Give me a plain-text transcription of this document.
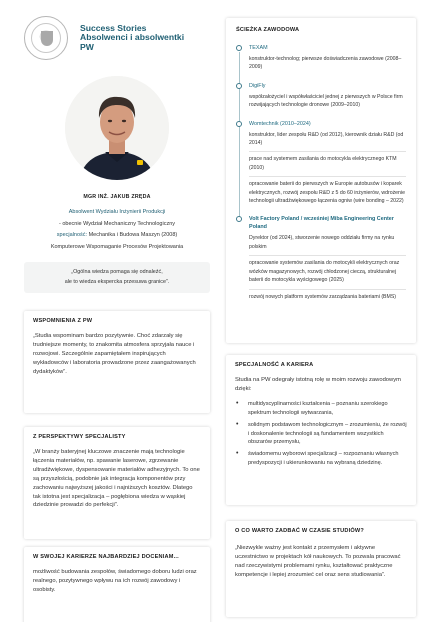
Success Stories
Absolwenci i absolwentki
PW
MGR INŻ. JAKUB ZRĘDA
Absolwent Wydziału Inżynierii Produkcji
- obecnie Wydział Mechaniczny Technologiczny
specjalność: Mechanika i Budowa Maszyn (2008)
Komputerowe Wspomaganie Procesów Projektowania
„Ogólna wiedza pomaga się odnaleźć,
ale to wiedza ekspercka przesuwa granice”.
WSPOMNIENIA Z PW
„Studia wspominam bardzo pozytywnie. Choć zdarzały się trudniejsze momenty, to znakomita atmosfera sprzyjała nauce i rozwojowi. Szczególnie zapamiętałem inspirujących wykładowców i laboratoria prowadzone przez zaangażowanych dydaktyków”.
Z PERSPEKTYWY SPECJALISTY
„W branży bateryjnej kluczowe znaczenie mają technologie łączenia materiałów, np. spawanie laserowe, zgrzewanie ultradźwiękowe, dyspensowanie materiałów adhezyjnych. To one są przyszłością, podobnie jak integracja komponentów przy zachowaniu najwyższej jakości i najniższych kosztów. Dlatego tak istotna jest specjalizacja – pogłębiona wiedza w wąskiej dziedzinie prowadzi do perfekcji”.
W SWOJEJ KARIERZE NAJBARDZIEJ DOCENIAM...
możliwość budowania zespołów, świadomego doboru ludzi oraz realnego, pozytywnego wpływu na ich rozwój zawodowy i osobisty.
ŚCIEŻKA ZAWODOWA
TEXAM
konstruktor-technolog; pierwsze doświadczenia zawodowe (2008–2009)
DigiFly
współzałożyciel i współwłaściciel jednej z pierwszych w Polsce firm rozwijających technologie dronowe (2009–2010)
Womtechnik (2010–2024)
konstruktor, lider zespołu R&D (od 2012), kierownik działu R&D (od 2014)
prace nad systemem zasilania do motocykla elektrycznego KTM (2010)
opracowanie baterii do pierwszych w Europie autobusów i koparek elektrycznych, rozwój zespołu R&D z 5 do 60 inżynierów, wdrożenie technologii ultradźwiękowego łączenia ogniw (wire bonding – 2022)
Volt Factory Poland / wcześniej Miba Engineering Center Poland
Dyrektor (od 2024), stworzenie nowego oddziału firmy na rynku polskim
opracowanie systemów zasilania do motocykli elektrycznych oraz wózków magazynowych, rozwój chłodzonej cieczą, strukturalnej baterii do motocykla wyścigowego (2025)
rozwój nowych platform systemów zarządzania bateriami (BMS)
SPECJALNOŚĆ A KARIERA
Studia na PW odegrały istotną rolę w moim rozwoju zawodowym dzięki:
• multidyscyplinarności kształcenia – poznaniu szerokiego spektrum technologii wytwarzania,
• solidnym podstawom technologicznym – zrozumieniu, że rozwój i doskonalenie technologii są fundamentem wszystkich obszarów przemysłu,
• świadomemu wyborowi specjalizacji – rozpoznaniu własnych predyspozycji i ukierunkowaniu na wybraną dziedzinę.
O CO WARTO ZADBAĆ W CZASIE STUDIÓW?
„Niezwykle ważny jest kontakt z przemysłem i aktywne uczestnictwo w projektach kół naukowych. To pozwala pracować nad rzeczywistymi problemami rynku, kształtować praktyczne kompetencje i lepiej zrozumieć cel oraz sens studiowania”.
